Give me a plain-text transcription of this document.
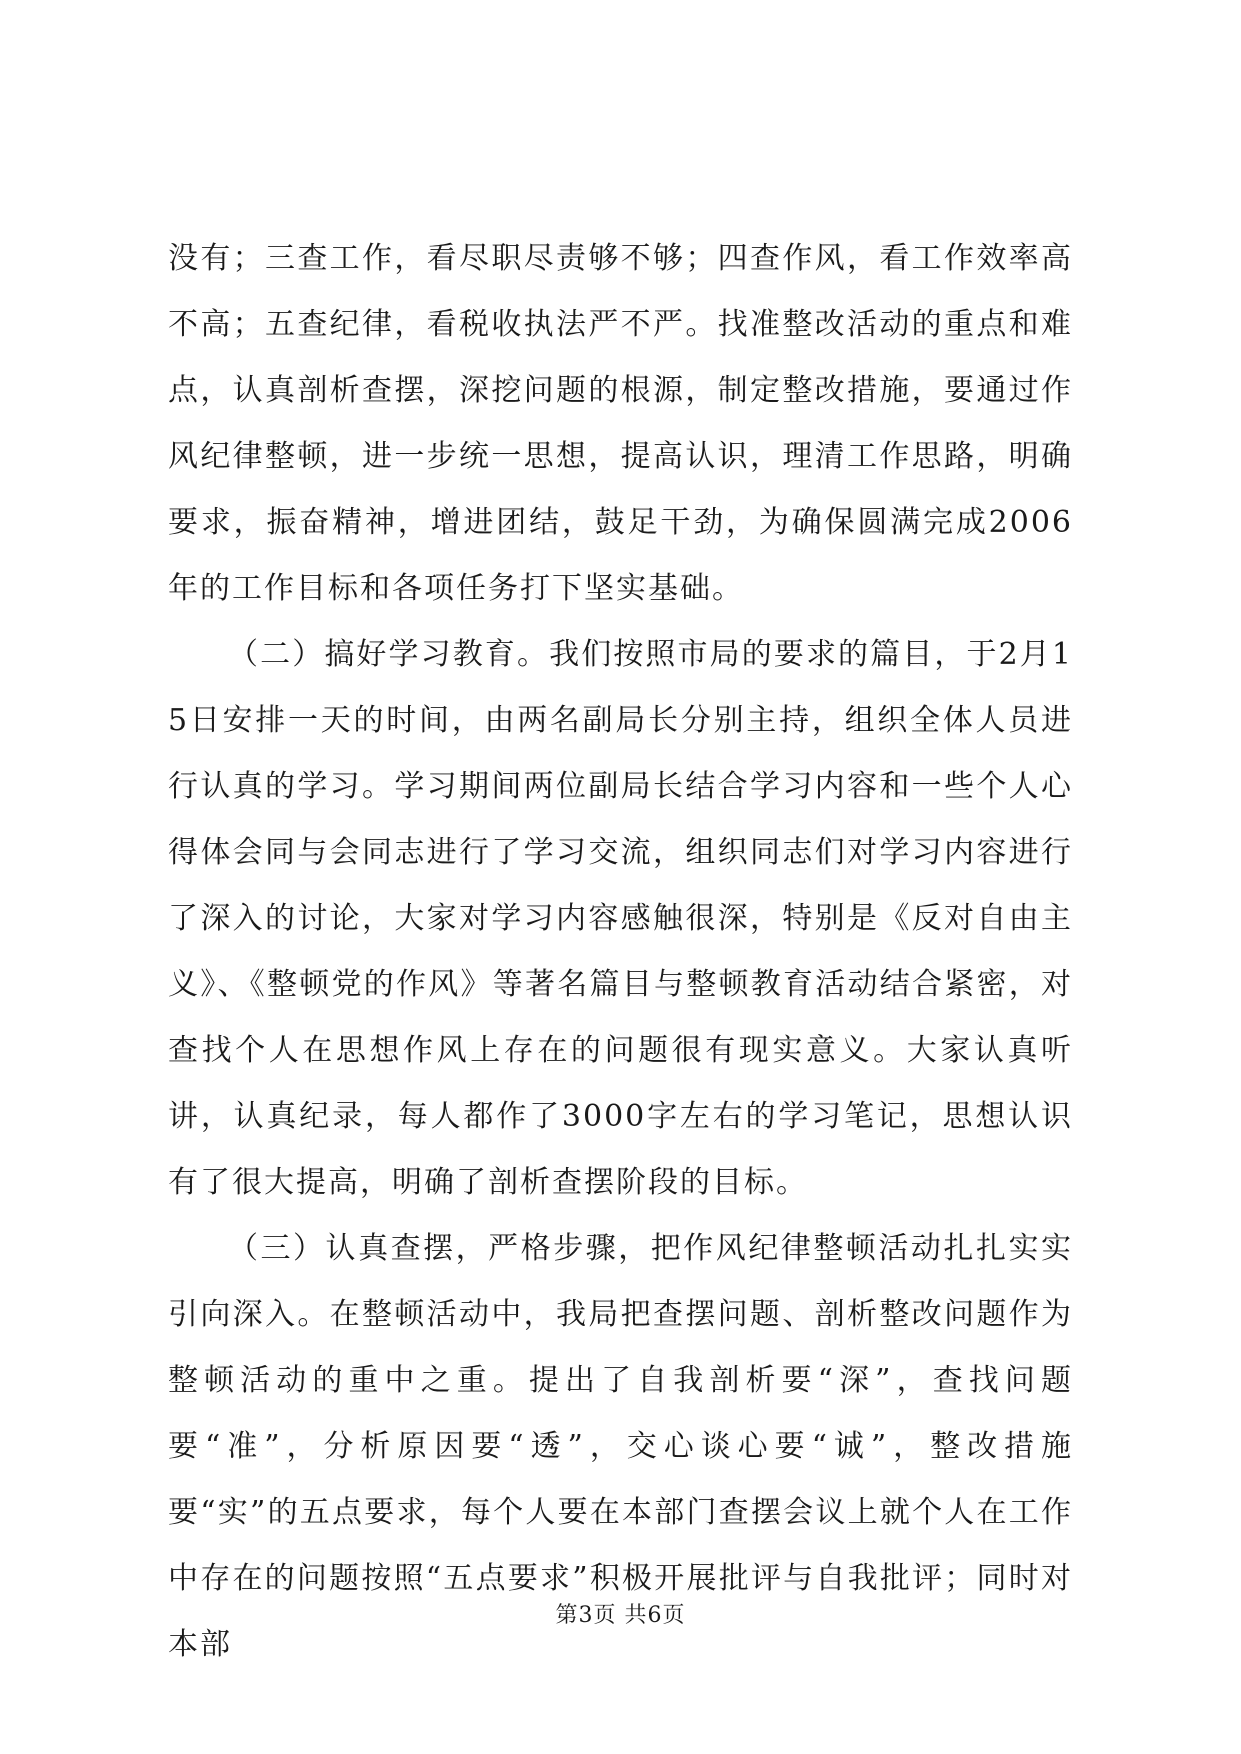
没有；三查工作，看尽职尽责够不够；四查作风，看工作效率高不高；五查纪律，看税收执法严不严。找准整改活动的重点和难点，认真剖析查摆，深挖问题的根源，制定整改措施，要通过作风纪律整顿，进一步统一思想，提高认识，理清工作思路，明确要求，振奋精神，增进团结，鼓足干劲，为确保圆满完成2006年的工作目标和各项任务打下坚实基础。

（二）搞好学习教育。我们按照市局的要求的篇目，于2月15日安排一天的时间，由两名副局长分别主持，组织全体人员进行认真的学习。学习期间两位副局长结合学习内容和一些个人心得体会同与会同志进行了学习交流，组织同志们对学习内容进行了深入的讨论，大家对学习内容感触很深，特别是《反对自由主义》、《整顿党的作风》等著名篇目与整顿教育活动结合紧密，对查找个人在思想作风上存在的问题很有现实意义。大家认真听讲，认真纪录，每人都作了3000字左右的学习笔记，思想认识有了很大提高，明确了剖析查摆阶段的目标。

（三）认真查摆，严格步骤，把作风纪律整顿活动扎扎实实引向深入。在整顿活动中，我局把查摆问题、剖析整改问题作为整顿活动的重中之重。提出了自我剖析要“深”，查找问题要“准”，分析原因要“透”，交心谈心要“诚”，整改措施要“实”的五点要求，每个人要在本部门查摆会议上就个人在工作中存在的问题按照“五点要求”积极开展批评与自我批评；同时对本部

第3页 共6页
